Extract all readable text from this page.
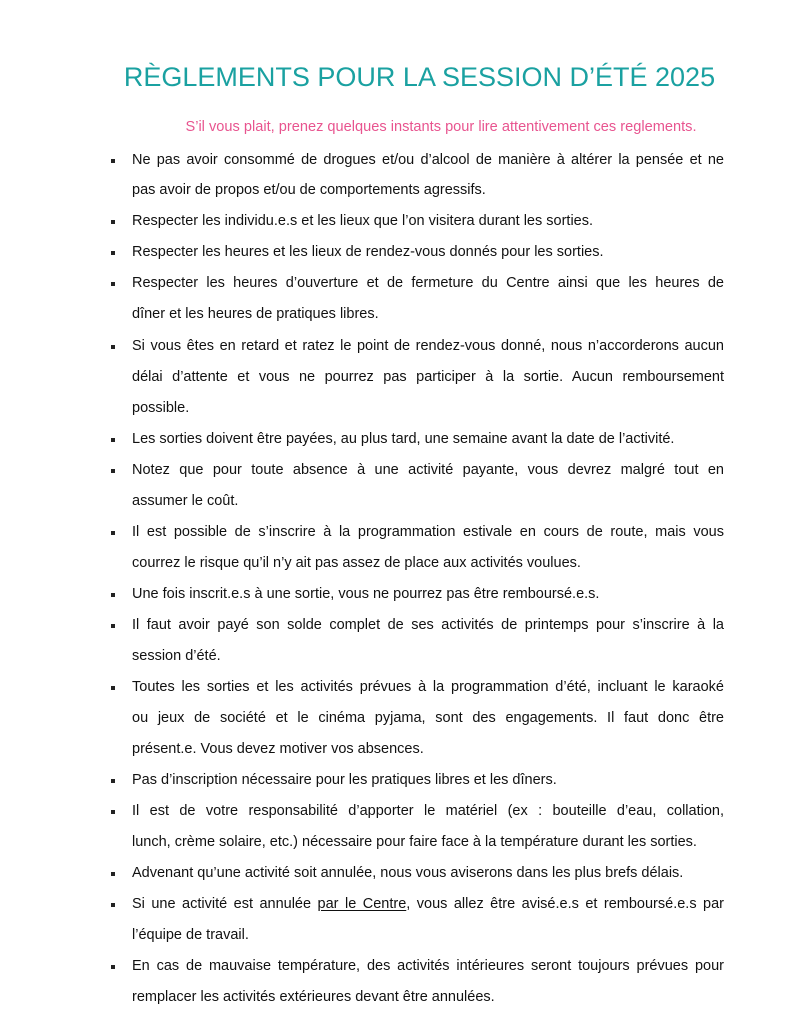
RÈGLEMENTS POUR LA SESSION D’ÉTÉ 2025

S’il vous plait, prenez quelques instants pour lire attentivement ces reglements.

Ne pas avoir consommé de drogues et/ou d’alcool de manière à altérer la pensée et ne

pas avoir de propos et/ou de comportements agressifs.

Respecter les individu.e.s et les lieux que l’on visitera durant les sorties.

Respecter les heures et les lieux de rendez-vous donnés pour les sorties.

Respecter les heures d’ouverture et de fermeture du Centre ainsi que les heures de

dîner et les heures de pratiques libres.

Si vous êtes en retard et ratez le point de rendez-vous donné, nous n’accorderons aucun

délai d’attente et vous ne pourrez pas participer à la sortie. Aucun remboursement

possible.

Les sorties doivent être payées, au plus tard, une semaine avant la date de l’activité.

Notez que pour toute absence à une activité payante, vous devrez malgré tout en

assumer le coût.

Il est possible de s’inscrire à la programmation estivale en cours de route, mais vous

courrez le risque qu’il n’y ait pas assez de place aux activités voulues.

Une fois inscrit.e.s à une sortie, vous ne pourrez pas être remboursé.e.s.

Il faut avoir payé son solde complet de ses activités de printemps pour s’inscrire à la

session d’été.

Toutes les sorties et les activités prévues à la programmation d’été, incluant le karaoké

ou jeux de société et le cinéma pyjama, sont des engagements. Il faut donc être

présent.e. Vous devez motiver vos absences.

Pas d’inscription nécessaire pour les pratiques libres et les dîners.

Il est de votre responsabilité d’apporter le matériel (ex : bouteille d’eau, collation,

lunch, crème solaire, etc.) nécessaire pour faire face à la température durant les sorties.

Advenant qu’une activité soit annulée, nous vous aviserons dans les plus brefs délais.

Si une activité est annulée par le Centre, vous allez être avisé.e.s et remboursé.e.s par

l’équipe de travail.

En cas de mauvaise température, des activités intérieures seront toujours prévues pour

remplacer les activités extérieures devant être annulées.
